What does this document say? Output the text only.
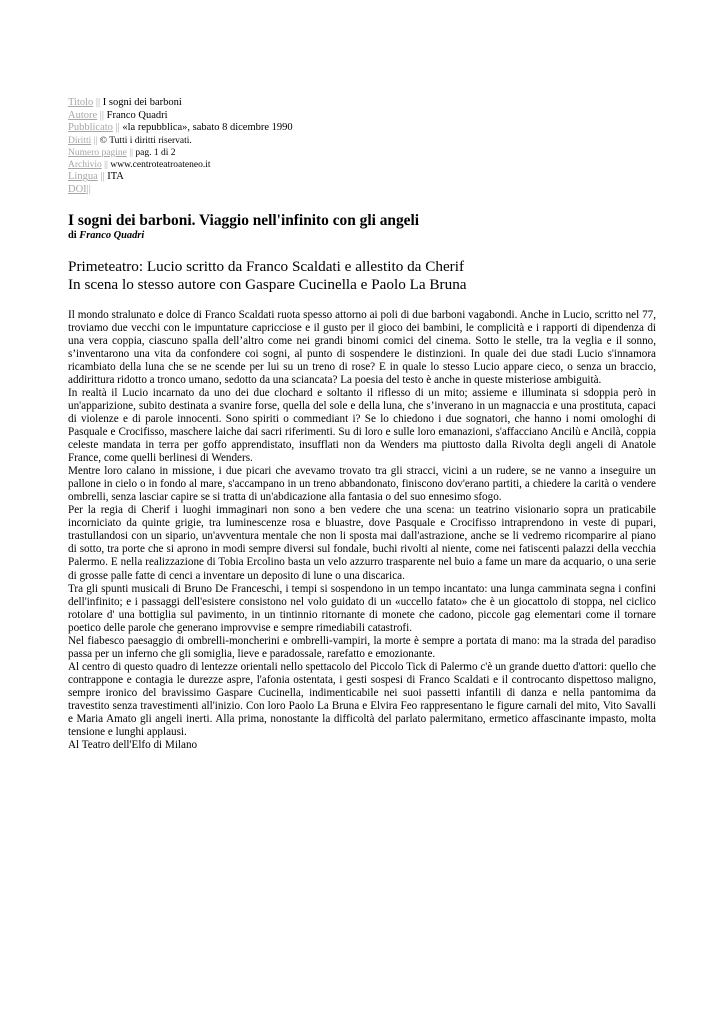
Titolo || I sogni dei barboni
Autore || Franco Quadri
Pubblicato || «la repubblica», sabato 8 dicembre 1990
Diritti || © Tutti i diritti riservati.
Numero pagine || pag. 1 di 2
Archivio || www.centroteatroateneo.it
Lingua || ITA
DOI||
I sogni dei barboni. Viaggio nell'infinito con gli angeli
di Franco Quadri
Primeteatro: Lucio scritto da Franco Scaldati e allestito da Cherif
In scena lo stesso autore con Gaspare Cucinella e Paolo La Bruna

Il mondo stralunato e dolce di Franco Scaldati ruota spesso attorno ai poli di due barboni vagabondi. Anche in Lucio, scritto nel 77, troviamo due vecchi con le impuntature capricciose e il gusto per il gioco dei bambini, le complicità e i rapporti di dipendenza di una vera coppia, ciascuno spalla dell’altro come nei grandi binomi comici del cinema. Sotto le stelle, tra la veglia e il sonno, s’inventarono una vita da confondere coi sogni, al punto di sospendere le distinzioni. In quale dei due stadi Lucio s'innamora ricambiato della luna che se ne scende per lui su un treno di rose? E in quale lo stesso Lucio appare cieco, o senza un braccio, addirittura ridotto a tronco umano, sedotto da una sciancata? La poesia del testo è anche in queste misteriose ambiguità.

In realtà il Lucio incarnato da uno dei due clochard e soltanto il riflesso di un mito; assieme e illuminata si sdoppia però in un'apparizione, subito destinata a svanire forse, quella del sole e della luna, che s’inverano in un magnaccia e una prostituta, capaci di violenze e di parole innocenti. Sono spiriti o commediant i? Se lo chiedono i due sognatori, che hanno i nomi omologhi di Pasquale e Crocifisso, maschere laiche dai sacri riferimenti. Su di loro e sulle loro emanazioni, s'affacciano Ancilù e Ancilà, coppia celeste mandata in terra per goffo apprendistato, insufflati non da Wenders ma piuttosto dalla Rivolta degli angeli di Anatole France, come quelli berlinesi di Wenders.

Mentre loro calano in missione, i due picari che avevamo trovato tra gli stracci, vicini a un rudere, se ne vanno a inseguire un pallone in cielo o in fondo al mare, s'accampano in un treno abbandonato, finiscono dov'erano partiti, a chiedere la carità o vendere ombrelli, senza lasciar capire se si tratta di un'abdicazione alla fantasia o del suo ennesimo sfogo.

Per la regia di Cherif i luoghi immaginari non sono a ben vedere che una scena: un teatrino visionario sopra un praticabile incorniciato da quinte grigie, tra luminescenze rosa e bluastre, dove Pasquale e Crocifisso intraprendono in veste di pupari, trastullandosi con un sipario, un'avventura mentale che non li sposta mai dall'astrazione, anche se li vedremo ricomparire al piano di sotto, tra porte che si aprono in modi sempre diversi sul fondale, buchi rivolti al niente, come nei fatiscenti palazzi della vecchia Palermo. E nella realizzazione di Tobia Ercolino basta un velo azzurro trasparente nel buio a fame un mare da acquario, o una serie di grosse palle fatte di cenci a inventare un deposito di lune o una discarica.

Tra gli spunti musicali di Bruno De Franceschi, i tempi si sospendono in un tempo incantato: una lunga camminata segna i confini dell'infinito; e i passaggi dell'esistere consistono nel volo guidato di un «uccello fatato» che è un giocattolo di stoppa, nel ciclico rotolare d' una bottiglia sul pavimento, in un tintinnio ritornante di monete che cadono, piccole gag elementari come il tornare poetico delle parole che generano improvvise e sempre rimediabili catastrofi.

Nel fiabesco paesaggio di ombrelli-moncherini e ombrelli-vampiri, la morte è sempre a portata di mano: ma la strada del paradiso passa per un inferno che gli somiglia, lieve e paradossale, rarefatto e emozionante.

Al centro di questo quadro di lentezze orientali nello spettacolo del Piccolo Tick di Palermo c'è un grande duetto d'attori: quello che contrappone e contagia le durezze aspre, l'afonia ostentata, i gesti sospesi di Franco Scaldati e il controcanto dispettoso maligno, sempre ironico del bravissimo Gaspare Cucinella, indimenticabile nei suoi passetti infantili di danza e nella pantomima da travestito senza travestimenti all'inizio. Con loro Paolo La Bruna e Elvira Feo rappresentano le figure carnali del mito, Vito Savalli e Maria Amato gli angeli inerti. Alla prima, nonostante la difficoltà del parlato palermitano, ermetico affascinante impasto, molta tensione e lunghi applausi.

Al Teatro dell'Elfo di Milano
